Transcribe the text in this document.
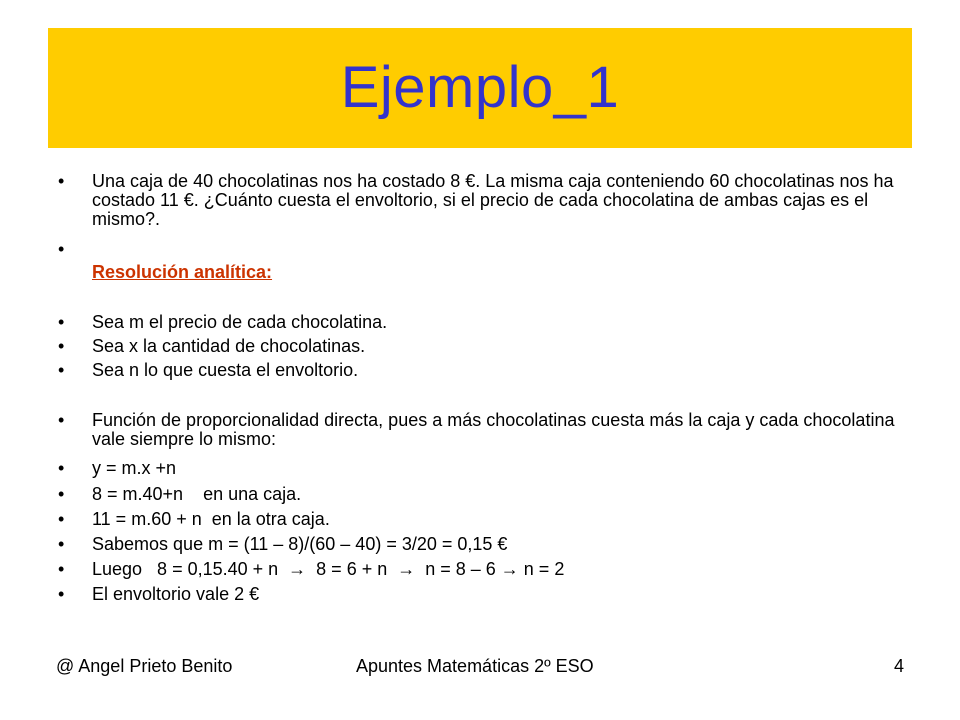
Ejemplo_1
• Una caja de 40 chocolatinas nos ha costado 8 €. La misma caja conteniendo 60 chocolatinas nos ha costado 11 €. ¿Cuánto cuesta el envoltorio, si el precio de cada chocolatina de ambas cajas es el mismo?.
•
Resolución analítica:
• Sea m el precio de cada chocolatina.
• Sea x la cantidad de chocolatinas.
• Sea n lo que cuesta el envoltorio.
• Función de proporcionalidad directa, pues a más chocolatinas cuesta más la caja y cada chocolatina vale siempre lo mismo:
• y = m.x +n
• 8 = m.40+n    en una caja.
• 11 = m.60 + n  en la otra caja.
• Sabemos que m = (11 – 8)/(60 – 40) = 3/20 = 0,15 €
• Luego   8 = 0,15.40 + n  →  8 = 6 + n  →  n = 8 – 6 → n = 2
• El envoltorio vale 2 €
@ Angel Prieto Benito	Apuntes Matemáticas 2º ESO	4
